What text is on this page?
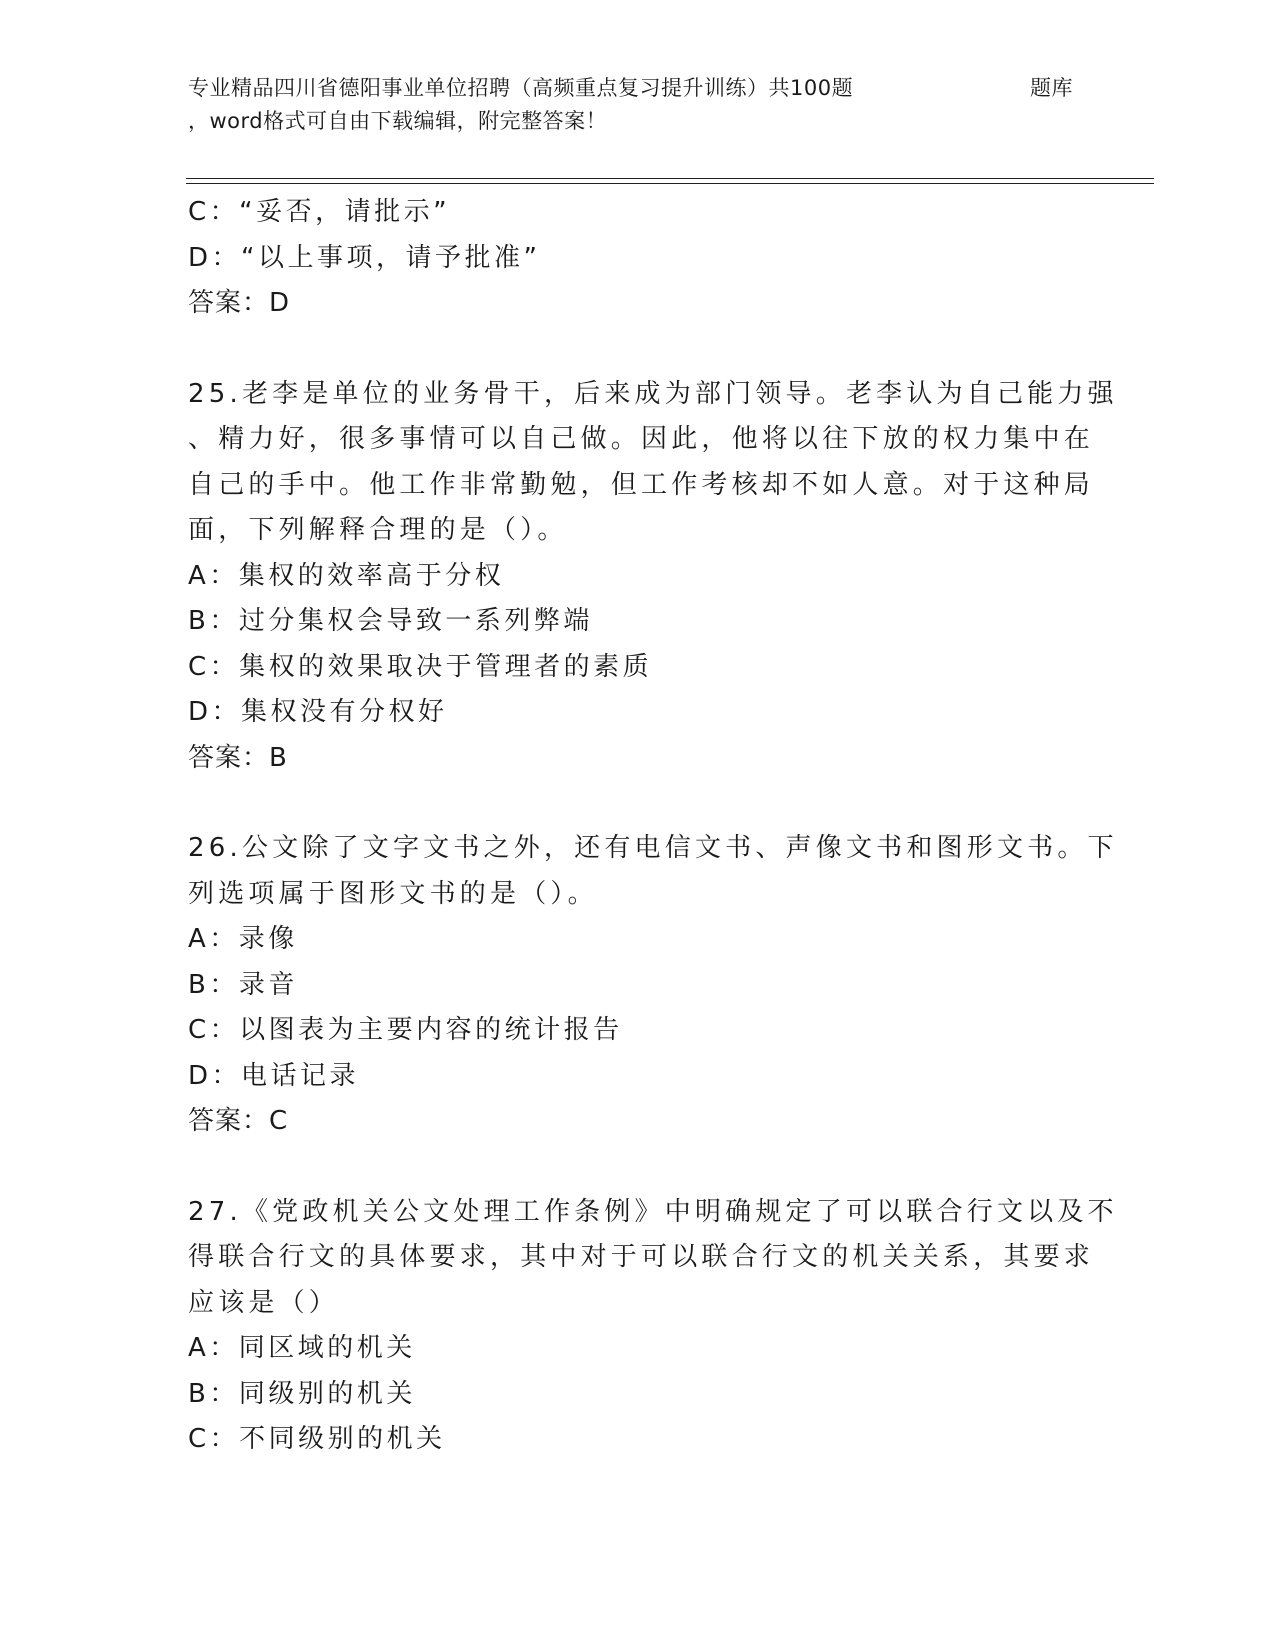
专业精品四川省德阳事业单位招聘（高频重点复习提升训练）共100题	题库
，word格式可自由下载编辑，附完整答案！
C：“妥否，请批示”
D：“以上事项，请予批准”
答案：D
25.老李是单位的业务骨干，后来成为部门领导。老李认为自己能力强
、精力好，很多事情可以自己做。因此，他将以往下放的权力集中在
自己的手中。他工作非常勤勉，但工作考核却不如人意。对于这种局
面，下列解释合理的是（）。
A：集权的效率高于分权
B：过分集权会导致一系列弊端
C：集权的效果取决于管理者的素质
D：集权没有分权好
答案：B
26.公文除了文字文书之外，还有电信文书、声像文书和图形文书。下
列选项属于图形文书的是（）。
A：录像
B：录音
C：以图表为主要内容的统计报告
D：电话记录
答案：C
27.《党政机关公文处理工作条例》中明确规定了可以联合行文以及不
得联合行文的具体要求，其中对于可以联合行文的机关关系，其要求
应该是（）
A：同区域的机关
B：同级别的机关
C：不同级别的机关
